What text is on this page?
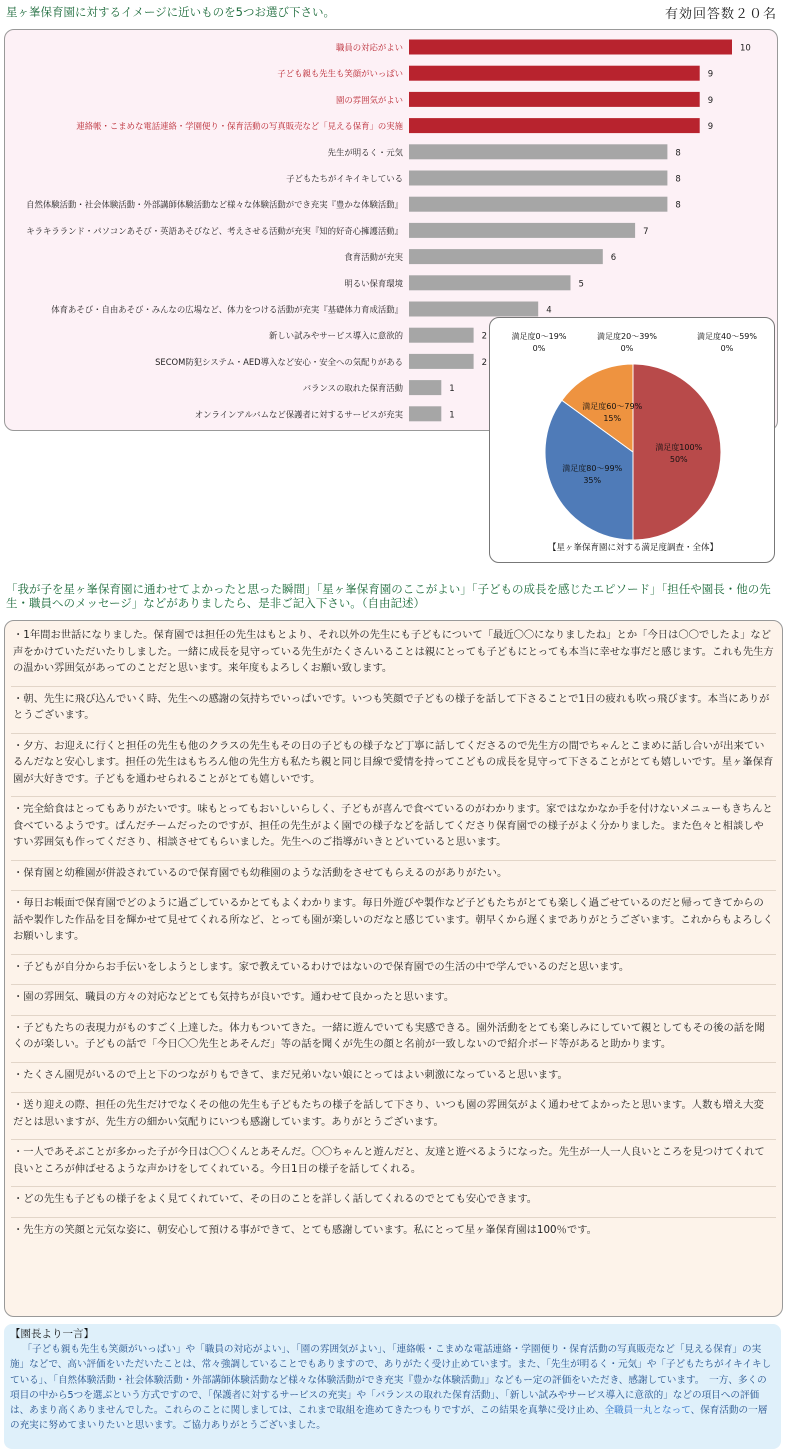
星ヶ峯保育園に対するイメージに近いものを5つお選び下さい。	有効回答数２０名
職員の対応がよい	10
子ども親も先生も笑顔がいっぱい	9
園の雰囲気がよい	9
連絡帳・こまめな電話連絡・学園便り・保育活動の写真販売など「見える保育」の実施	9
先生が明るく・元気	8
子どもたちがイキイキしている	8
自然体験活動・社会体験活動・外部講師体験活動など様々な体験活動ができ充実『豊かな体験活動』	8
キラキラランド・パソコンあそび・英語あそびなど、考えさせる活動が充実『知的好奇心擁護活動』	7
食育活動が充実	6
明るい保育環境	5
体育あそび・自由あそび・みんなの広場など、体力をつける活動が充実『基礎体力育成活動』	4
新しい試みやサービス導入に意欲的	2
SECOM防犯システム・AED導入など安心・安全への気配りがある	2
バランスの取れた保育活動	1
オンラインアルバムなど保護者に対するサービスが充実	1
満足度100%
50%
満足度80～99%
35%
満足度60～79%
15%
満足度0～19%
0%
満足度20～39%
0%
満足度40～59%
0%
【星ヶ峯保育園に対する満足度調査・全体】
「我が子を星ヶ峯保育園に通わせてよかったと思った瞬間」「星ヶ峯保育園のここがよい」「子どもの成長を感じたエピソード」「担任や園長・他の先生・職員へのメッセージ」などがありましたら、是非ご記入下さい。（自由記述）
・1年間お世話になりました。保育園では担任の先生はもとより、それ以外の先生にも子どもについて「最近〇〇になりましたね」とか「今日は〇〇でしたよ」など声をかけていただいたりしました。一緒に成長を見守っている先生がたくさんいることは親にとっても子どもにとっても本当に幸せな事だと感じます。これも先生方の温かい雰囲気があってのことだと思います。来年度もよろしくお願い致します。
・朝、先生に飛び込んでいく時、先生への感謝の気持ちでいっぱいです。いつも笑顔で子どもの様子を話して下さることで1日の疲れも吹っ飛びます。本当にありがとうございます。
・夕方、お迎えに行くと担任の先生も他のクラスの先生もその日の子どもの様子など丁寧に話してくださるので先生方の間でちゃんとこまめに話し合いが出来ているんだなと安心します。担任の先生はもちろん他の先生方も私たち親と同じ目線で愛情を持ってこどもの成長を見守って下さることがとても嬉しいです。星ヶ峯保育園が大好きです。子どもを通わせられることがとても嬉しいです。
・完全給食はとってもありがたいです。味もとってもおいしいらしく、子どもが喜んで食べているのがわかります。家ではなかなか手を付けないメニューもきちんと食べているようです。ぱんだチームだったのですが、担任の先生がよく園での様子などを話してくださり保育園での様子がよく分かりました。また色々と相談しやすい雰囲気も作ってくださり、相談させてもらいました。先生へのご指導がいきとどいていると思います。
・保育園と幼稚園が併設されているので保育園でも幼稚園のような活動をさせてもらえるのがありがたい。
・毎日お帳面で保育園でどのように過ごしているかとてもよくわかります。毎日外遊びや製作など子どもたちがとても楽しく過ごせているのだと帰ってきてからの話や製作した作品を目を輝かせて見せてくれる所など、とっても園が楽しいのだなと感じています。朝早くから遅くまでありがとうございます。これからもよろしくお願いします。
・子どもが自分からお手伝いをしようとします。家で教えているわけではないので保育園での生活の中で学んでいるのだと思います。
・園の雰囲気、職員の方々の対応などとても気持ちが良いです。通わせて良かったと思います。
・子どもたちの表現力がものすごく上達した。体力もついてきた。一緒に遊んでいても実感できる。園外活動をとても楽しみにしていて親としてもその後の話を聞くのが楽しい。子どもの話で「今日〇〇先生とあそんだ」等の話を聞くが先生の顔と名前が一致しないので紹介ボード等があると助かります。
・たくさん園児がいるので上と下のつながりもできて、まだ兄弟いない娘にとってはよい刺激になっていると思います。
・送り迎えの際、担任の先生だけでなくその他の先生も子どもたちの様子を話して下さり、いつも園の雰囲気がよく通わせてよかったと思います。人数も増え大変だとは思いますが、先生方の細かい気配りにいつも感謝しています。ありがとうございます。
・一人であそぶことが多かった子が今日は〇〇くんとあそんだ。〇〇ちゃんと遊んだと、友達と遊べるようになった。先生が一人一人良いところを見つけてくれて良いところが伸ばせるような声かけをしてくれている。今日1日の様子を話してくれる。
・どの先生も子どもの様子をよく見てくれていて、その日のことを詳しく話してくれるのでとても安心できます。
・先生方の笑顔と元気な姿に、朝安心して預ける事ができて、とても感謝しています。私にとって星ヶ峯保育園は100％です。
【園長より一言】
「子ども親も先生も笑顔がいっぱい」や「職員の対応がよい」、「園の雰囲気がよい」、「連絡帳・こまめな電話連絡・学園便り・保育活動の写真販売など「見える保育」の実施」などで、高い評価をいただいたことは、常々強調していることでもありますので、ありがたく受け止めています。また、「先生が明るく・元気」や「子どもたちがイキイキしている」、「自然体験活動・社会体験活動・外部講師体験活動など様々な体験活動ができ充実『豊かな体験活動』」などもー定の評価をいただき、感謝しています。　一方、多くの項目の中から5つを選ぶという方式ですので、「保護者に対するサービスの充実」や「バランスの取れた保育活動」、「新しい試みやサービス導入に意欲的」などの項目への評価は、あまり高くありませんでした。これらのことに関しましては、これまで取組を進めてきたつもりですが、この結果を真摯に受け止め、全職員一丸となって、保育活動の一層の充実に努めてまいりたいと思います。ご協力ありがとうございました。
